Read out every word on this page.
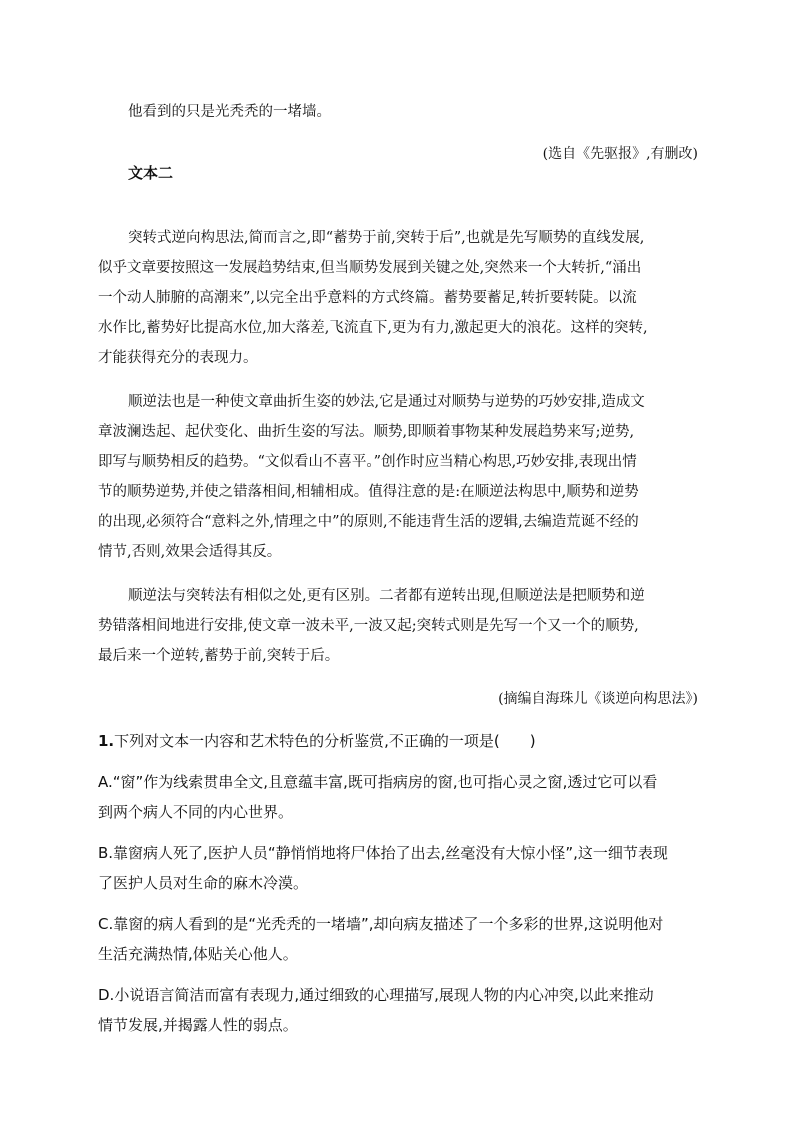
他看到的只是光秃秃的一堵墙。
(选自《先驱报》,有删改)
文本二
突转式逆向构思法,简而言之,即“蓄势于前,突转于后”,也就是先写顺势的直线发展,
似乎文章要按照这一发展趋势结束,但当顺势发展到关键之处,突然来一个大转折,“涌出
一个动人肺腑的高潮来”,以完全出乎意料的方式终篇。蓄势要蓄足,转折要转陡。以流
水作比,蓄势好比提高水位,加大落差,飞流直下,更为有力,激起更大的浪花。这样的突转,
才能获得充分的表现力。
顺逆法也是一种使文章曲折生姿的妙法,它是通过对顺势与逆势的巧妙安排,造成文
章波澜迭起、起伏变化、曲折生姿的写法。顺势,即顺着事物某种发展趋势来写;逆势,
即写与顺势相反的趋势。“文似看山不喜平。”创作时应当精心构思,巧妙安排,表现出情
节的顺势逆势,并使之错落相间,相辅相成。值得注意的是:在顺逆法构思中,顺势和逆势
的出现,必须符合“意料之外,情理之中”的原则,不能违背生活的逻辑,去编造荒诞不经的
情节,否则,效果会适得其反。
顺逆法与突转法有相似之处,更有区别。二者都有逆转出现,但顺逆法是把顺势和逆
势错落相间地进行安排,使文章一波未平,一波又起;突转式则是先写一个又一个的顺势,
最后来一个逆转,蓄势于前,突转于后。
(摘编自海珠儿《谈逆向构思法》)
1.下列对文本一内容和艺术特色的分析鉴赏,不正确的一项是(　　)
A.“窗”作为线索贯串全文,且意蕴丰富,既可指病房的窗,也可指心灵之窗,透过它可以看
到两个病人不同的内心世界。
B.靠窗病人死了,医护人员“静悄悄地将尸体抬了出去,丝毫没有大惊小怪”,这一细节表现
了医护人员对生命的麻木冷漠。
C.靠窗的病人看到的是“光秃秃的一堵墙”,却向病友描述了一个多彩的世界,这说明他对
生活充满热情,体贴关心他人。
D.小说语言简洁而富有表现力,通过细致的心理描写,展现人物的内心冲突,以此来推动
情节发展,并揭露人性的弱点。
